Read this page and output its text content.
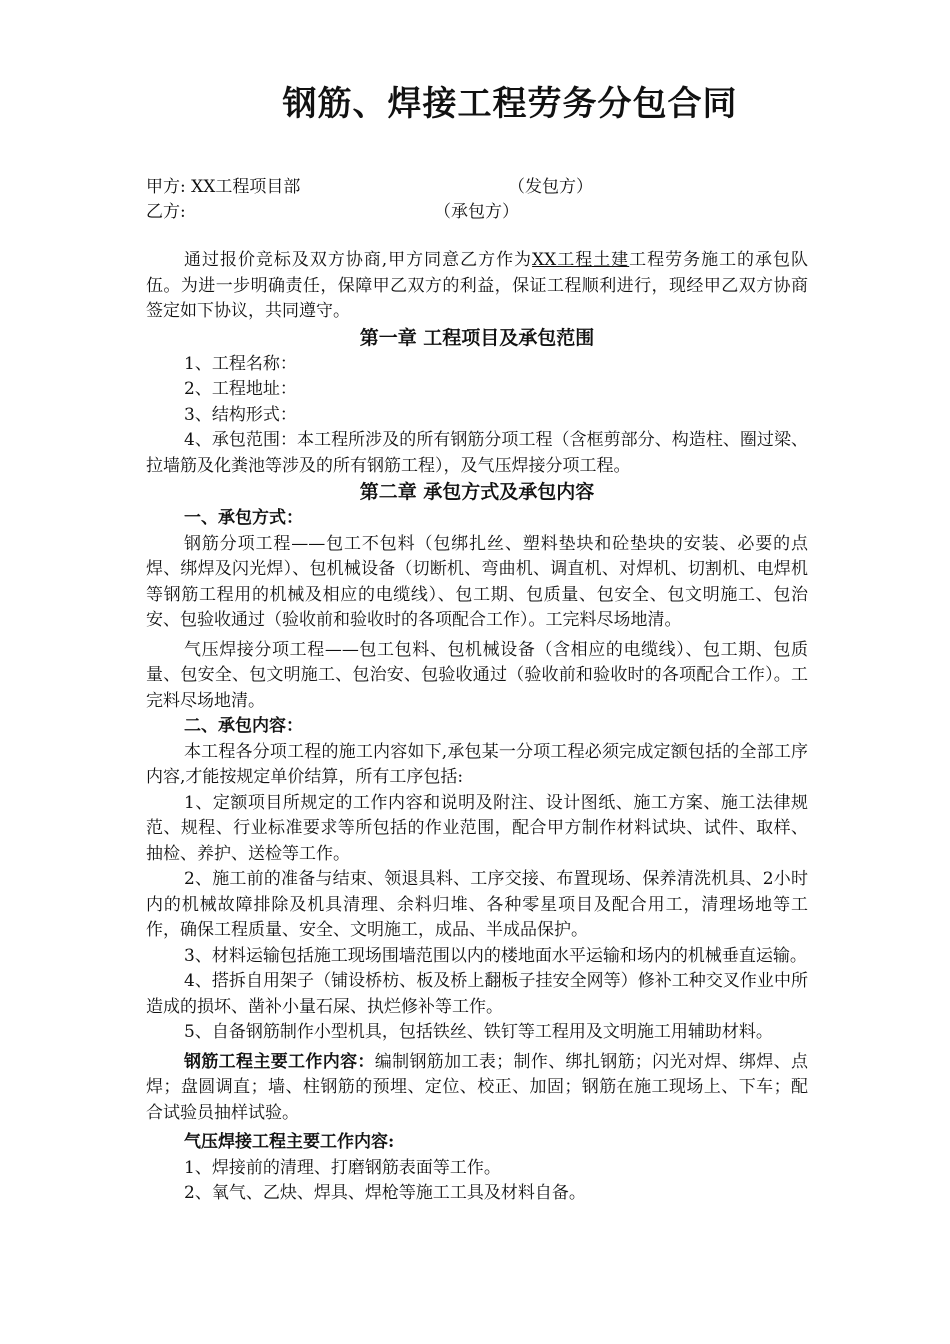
钢筋、焊接工程劳务分包合同
甲方: XX工程项目部	（发包方）
乙方:	（承包方）

通过报价竞标及双方协商,甲方同意乙方作为XX工程土建工程劳务施工的承包队伍。为进一步明确责任，保障甲乙双方的利益，保证工程顺利进行，现经甲乙双方协商签定如下协议，共同遵守。

第一章 工程项目及承包范围

1、工程名称：

2、工程地址：

3、结构形式：

4、承包范围：本工程所涉及的所有钢筋分项工程（含框剪部分、构造柱、圈过梁、拉墙筋及化粪池等涉及的所有钢筋工程），及气压焊接分项工程。

第二章 承包方式及承包内容

一、承包方式：

钢筋分项工程——包工不包料（包绑扎丝、塑料垫块和砼垫块的安装、必要的点焊、绑焊及闪光焊）、包机械设备（切断机、弯曲机、调直机、对焊机、切割机、电焊机等钢筋工程用的机械及相应的电缆线）、包工期、包质量、包安全、包文明施工、包治安、包验收通过（验收前和验收时的各项配合工作）。工完料尽场地清。

气压焊接分项工程——包工包料、包机械设备（含相应的电缆线）、包工期、包质量、包安全、包文明施工、包治安、包验收通过（验收前和验收时的各项配合工作）。工完料尽场地清。

二、承包内容：

本工程各分项工程的施工内容如下,承包某一分项工程必须完成定额包括的全部工序内容,才能按规定单价结算，所有工序包括:

1、定额项目所规定的工作内容和说明及附注、设计图纸、施工方案、施工法律规范、规程、行业标准要求等所包括的作业范围，配合甲方制作材料试块、试件、取样、抽检、养护、送检等工作。

2、施工前的准备与结束、领退具料、工序交接、布置现场、保养清洗机具、2小时内的机械故障排除及机具清理、余料归堆、各种零星项目及配合用工，清理场地等工作，确保工程质量、安全、文明施工，成品、半成品保护。

3、材料运输包括施工现场围墙范围以内的楼地面水平运输和场内的机械垂直运输。

4、搭拆自用架子（铺设桥枋、板及桥上翻板子挂安全网等）修补工种交叉作业中所造成的损坏、凿补小量石屎、执烂修补等工作。

5、自备钢筋制作小型机具，包括铁丝、铁钉等工程用及文明施工用辅助材料。

钢筋工程主要工作内容：编制钢筋加工表；制作、绑扎钢筋；闪光对焊、绑焊、点焊；盘圆调直；墙、柱钢筋的预埋、定位、校正、加固；钢筋在施工现场上、下车；配合试验员抽样试验。

气压焊接工程主要工作内容:

1、焊接前的清理、打磨钢筋表面等工作。

2、氧气、乙炔、焊具、焊枪等施工工具及材料自备。
